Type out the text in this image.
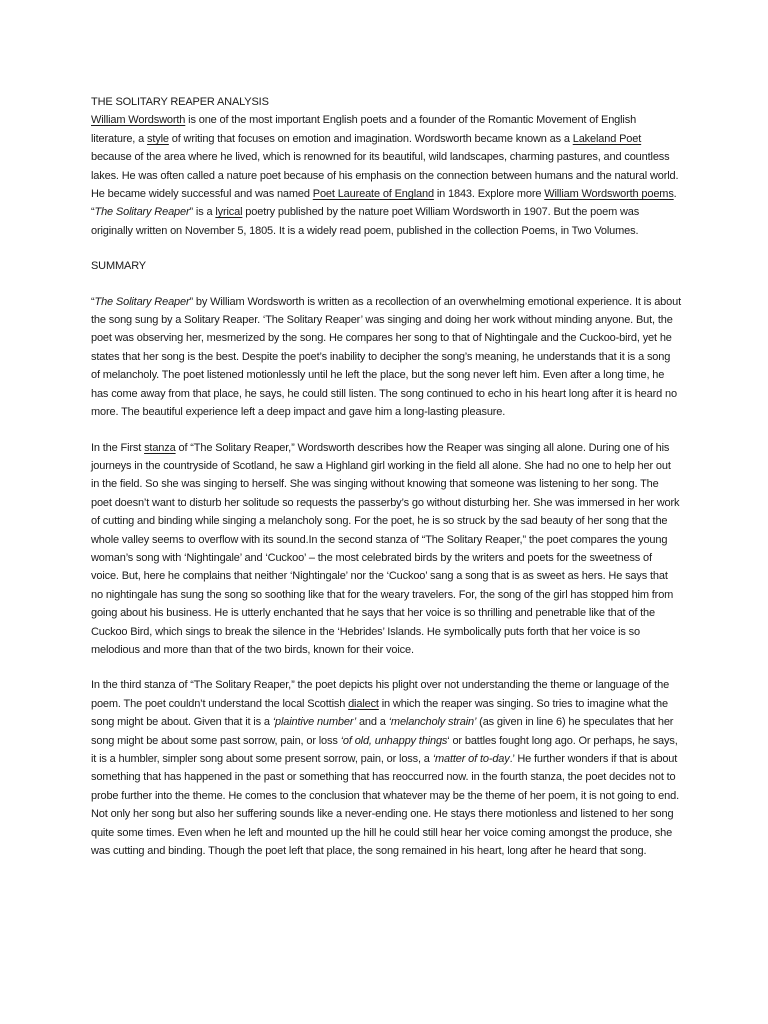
THE SOLITARY REAPER ANALYSIS

William Wordsworth is one of the most important English poets and a founder of the Romantic Movement of English literature, a style of writing that focuses on emotion and imagination. Wordsworth became known as a Lakeland Poet because of the area where he lived, which is renowned for its beautiful, wild landscapes, charming pastures, and countless lakes. He was often called a nature poet because of his emphasis on the connection between humans and the natural world. He became widely successful and was named Poet Laureate of England in 1843. Explore more William Wordsworth poems. “The Solitary Reaper” is a lyrical poetry published by the nature poet William Wordsworth in 1907. But the poem was originally written on November 5, 1805. It is a widely read poem, published in the collection Poems, in Two Volumes.

SUMMARY

“The Solitary Reaper” by William Wordsworth is written as a recollection of an overwhelming emotional experience. It is about the song sung by a Solitary Reaper. ‘The Solitary Reaper’ was singing and doing her work without minding anyone. But, the poet was observing her, mesmerized by the song. He compares her song to that of Nightingale and the Cuckoo-bird, yet he states that her song is the best. Despite the poet’s inability to decipher the song’s meaning, he understands that it is a song of melancholy. The poet listened motionlessly until he left the place, but the song never left him. Even after a long time, he has come away from that place, he says, he could still listen. The song continued to echo in his heart long after it is heard no more. The beautiful experience left a deep impact and gave him a long-lasting pleasure.

In the First stanza of “The Solitary Reaper,” Wordsworth describes how the Reaper was singing all alone. During one of his journeys in the countryside of Scotland, he saw a Highland girl working in the field all alone. She had no one to help her out in the field. So she was singing to herself. She was singing without knowing that someone was listening to her song. The poet doesn’t want to disturb her solitude so requests the passerby’s go without disturbing her. She was immersed in her work of cutting and binding while singing a melancholy song. For the poet, he is so struck by the sad beauty of her song that the whole valley seems to overflow with its sound.In the second stanza of “The Solitary Reaper,” the poet compares the young woman’s song with ‘Nightingale’ and ‘Cuckoo’ – the most celebrated birds by the writers and poets for the sweetness of voice. But, here he complains that neither ‘Nightingale’ nor the ‘Cuckoo’ sang a song that is as sweet as hers. He says that no nightingale has sung the song so soothing like that for the weary travelers. For, the song of the girl has stopped him from going about his business. He is utterly enchanted that he says that her voice is so thrilling and penetrable like that of the Cuckoo Bird, which sings to break the silence in the ‘Hebrides’ Islands. He symbolically puts forth that her voice is so melodious and more than that of the two birds, known for their voice.

In the third stanza of “The Solitary Reaper,” the poet depicts his plight over not understanding the theme or language of the poem. The poet couldn’t understand the local Scottish dialect in which the reaper was singing. So tries to imagine what the song might be about. Given that it is a ‘plaintive number’ and a ‘melancholy strain’ (as given in line 6) he speculates that her song might be about some past sorrow, pain, or loss ‘of old, unhappy things‘ or battles fought long ago. Or perhaps, he says, it is a humbler, simpler song about some present sorrow, pain, or loss, a ‘matter of to-day.’ He further wonders if that is about something that has happened in the past or something that has reoccurred now. in the fourth stanza, the poet decides not to probe further into the theme. He comes to the conclusion that whatever may be the theme of her poem, it is not going to end. Not only her song but also her suffering sounds like a never-ending one. He stays there motionless and listened to her song quite some times. Even when he left and mounted up the hill he could still hear her voice coming amongst the produce, she was cutting and binding. Though the poet left that place, the song remained in his heart, long after he heard that song.
